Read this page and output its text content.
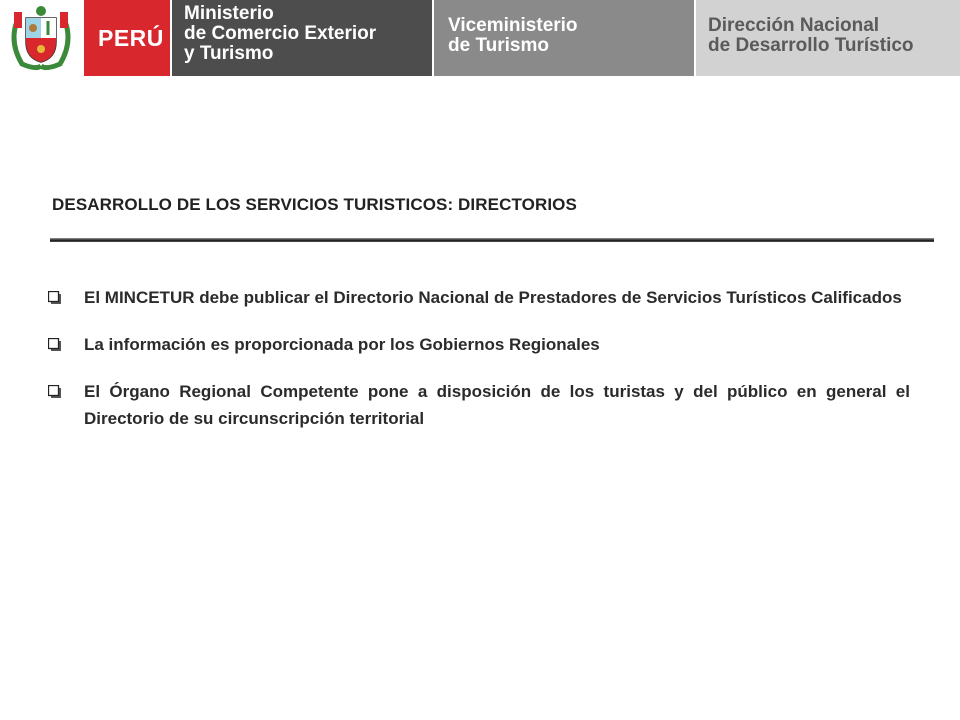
PERÚ
Ministerio
de Comercio Exterior
y Turismo
Viceministerio
de Turismo
Dirección Nacional
de Desarrollo Turístico
DESARROLLO DE LOS SERVICIOS TURISTICOS: DIRECTORIOS
El MINCETUR debe publicar el Directorio Nacional de Prestadores de Servicios Turísticos Calificados
La información es proporcionada por los Gobiernos Regionales
El Órgano Regional Competente pone a disposición de los turistas y del público en general el Directorio de su circunscripción territorial
